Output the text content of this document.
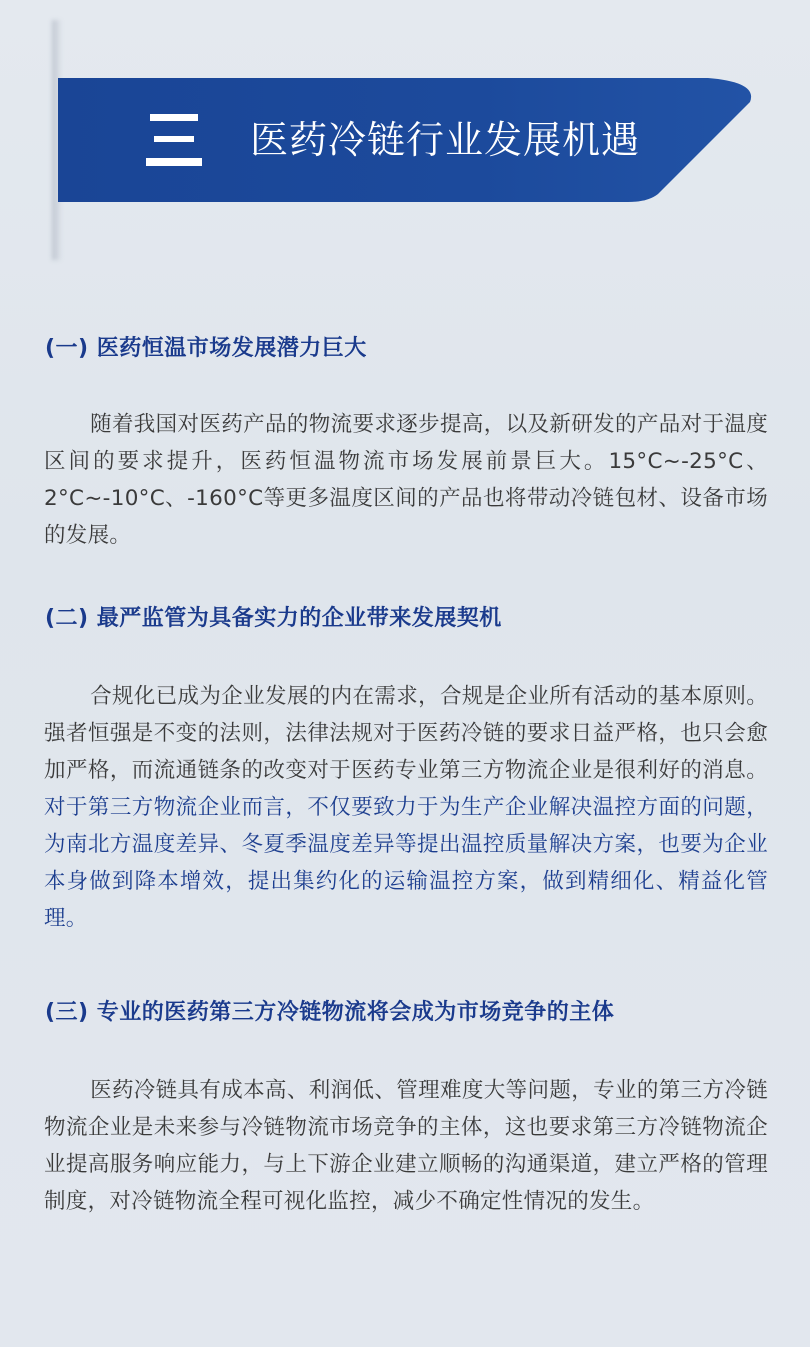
医药冷链行业发展机遇
(一) 医药恒温市场发展潜力巨大
随着我国对医药产品的物流要求逐步提高，以及新研发的产品对于温度区间的要求提升，医药恒温物流市场发展前景巨大。15°C~-25°C、2°C~-10°C、-160°C等更多温度区间的产品也将带动冷链包材、设备市场的发展。
(二) 最严监管为具备实力的企业带来发展契机
合规化已成为企业发展的内在需求，合规是企业所有活动的基本原则。强者恒强是不变的法则，法律法规对于医药冷链的要求日益严格，也只会愈加严格，而流通链条的改变对于医药专业第三方物流企业是很利好的消息。对于第三方物流企业而言，不仅要致力于为生产企业解决温控方面的问题，为南北方温度差异、冬夏季温度差异等提出温控质量解决方案，也要为企业本身做到降本增效，提出集约化的运输温控方案，做到精细化、精益化管理。
(三) 专业的医药第三方冷链物流将会成为市场竞争的主体
医药冷链具有成本高、利润低、管理难度大等问题，专业的第三方冷链物流企业是未来参与冷链物流市场竞争的主体，这也要求第三方冷链物流企业提高服务响应能力，与上下游企业建立顺畅的沟通渠道，建立严格的管理制度，对冷链物流全程可视化监控，减少不确定性情况的发生。
